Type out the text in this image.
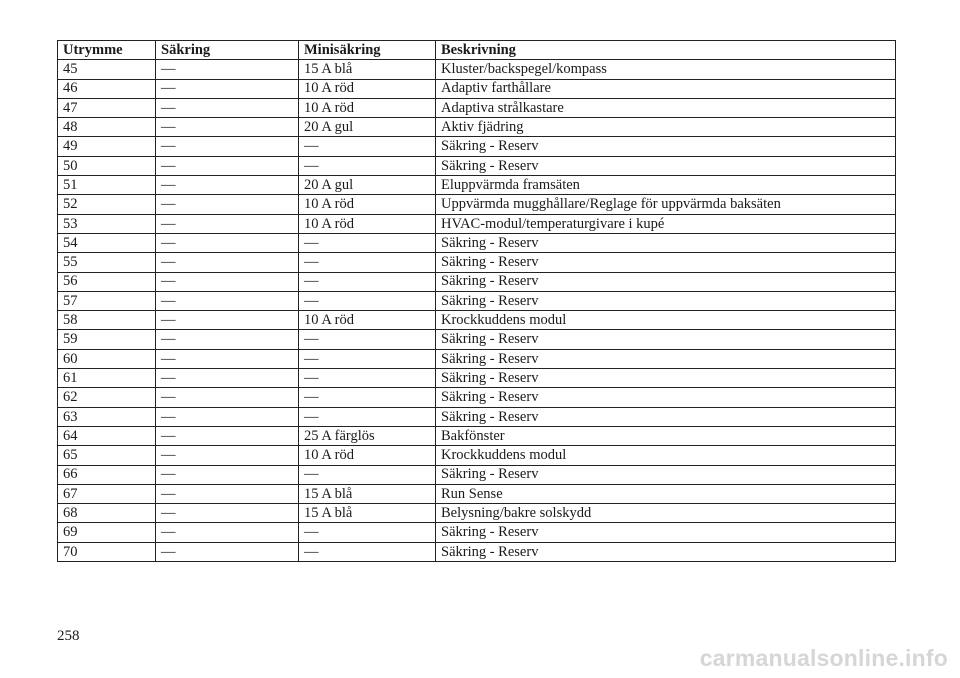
Utrymme	Säkring	Minisäkring	Beskrivning
45	—	15 A blå	Kluster/backspegel/kompass
46	—	10 A röd	Adaptiv farthållare
47	—	10 A röd	Adaptiva strålkastare
48	—	20 A gul	Aktiv fjädring
49	—	—	Säkring - Reserv
50	—	—	Säkring - Reserv
51	—	20 A gul	Eluppvärmda framsäten
52	—	10 A röd	Uppvärmda mugghållare/Reglage för uppvärmda baksäten
53	—	10 A röd	HVAC-modul/temperaturgivare i kupé
54	—	—	Säkring - Reserv
55	—	—	Säkring - Reserv
56	—	—	Säkring - Reserv
57	—	—	Säkring - Reserv
58	—	10 A röd	Krockkuddens modul
59	—	—	Säkring - Reserv
60	—	—	Säkring - Reserv
61	—	—	Säkring - Reserv
62	—	—	Säkring - Reserv
63	—	—	Säkring - Reserv
64	—	25 A färglös	Bakfönster
65	—	10 A röd	Krockkuddens modul
66	—	—	Säkring - Reserv
67	—	15 A blå	Run Sense
68	—	15 A blå	Belysning/bakre solskydd
69	—	—	Säkring - Reserv
70	—	—	Säkring - Reserv
258
carmanualsonline.info
